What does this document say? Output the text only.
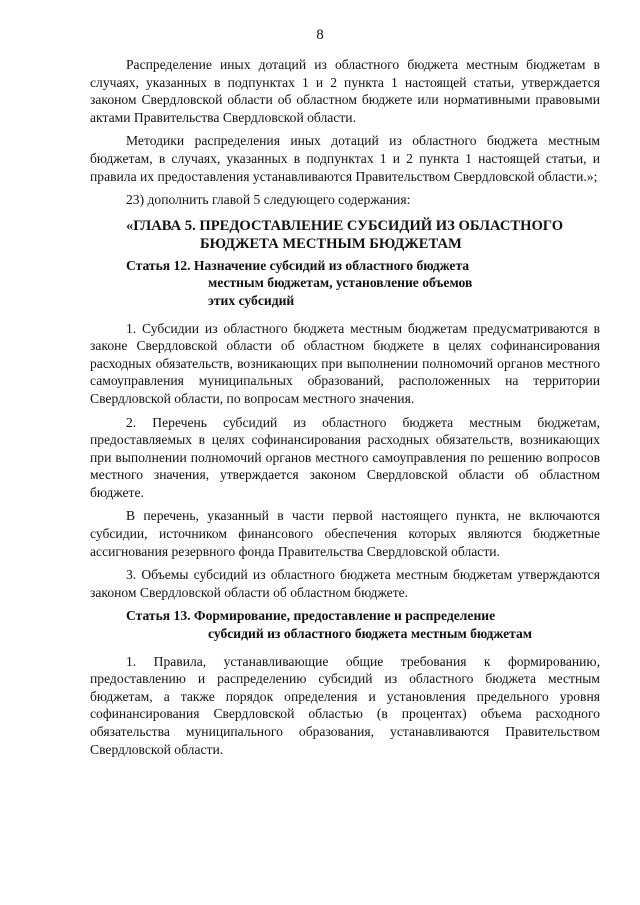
8

Распределение иных дотаций из областного бюджета местным бюджетам в случаях, указанных в подпунктах 1 и 2 пункта 1 настоящей статьи, утверждается законом Свердловской области об областном бюджете или нормативными правовыми актами Правительства Свердловской области.

Методики распределения иных дотаций из областного бюджета местным бюджетам, в случаях, указанных в подпунктах 1 и 2 пункта 1 настоящей статьи, и правила их предоставления устанавливаются Правительством Свердловской области.»;

23) дополнить главой 5 следующего содержания:

«ГЛАВА 5. ПРЕДОСТАВЛЕНИЕ СУБСИДИЙ ИЗ ОБЛАСТНОГО
БЮДЖЕТА МЕСТНЫМ БЮДЖЕТАМ
Статья 12. Назначение субсидий из областного бюджета
местным бюджетам, установление объемов
этих субсидий

1. Субсидии из областного бюджета местным бюджетам предусматриваются в законе Свердловской области об областном бюджете в целях софинансирования расходных обязательств, возникающих при выполнении полномочий органов местного самоуправления муниципальных образований, расположенных на территории Свердловской области, по вопросам местного значения.

2. Перечень субсидий из областного бюджета местным бюджетам, предоставляемых в целях софинансирования расходных обязательств, возникающих при выполнении полномочий органов местного самоуправления по решению вопросов местного значения, утверждается законом Свердловской области об областном бюджете.

В перечень, указанный в части первой настоящего пункта, не включаются субсидии, источником финансового обеспечения которых являются бюджетные ассигнования резервного фонда Правительства Свердловской области.

3. Объемы субсидий из областного бюджета местным бюджетам утверждаются законом Свердловской области об областном бюджете.

Статья 13. Формирование, предоставление и распределение
субсидий из областного бюджета местным бюджетам

1. Правила, устанавливающие общие требования к формированию, предоставлению и распределению субсидий из областного бюджета местным бюджетам, а также порядок определения и установления предельного уровня софинансирования Свердловской областью (в процентах) объема расходного обязательства муниципального образования, устанавливаются Правительством Свердловской области.
